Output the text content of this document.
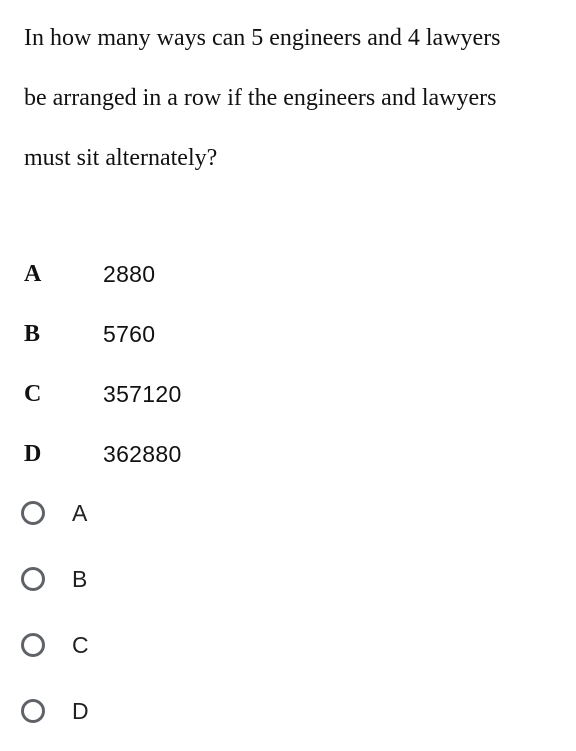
In how many ways can 5 engineers and 4 lawyers
be arranged in a row if the engineers and lawyers
must sit alternately?
A	2880
B	5760
C	357120
D	362880
A
B
C
D
